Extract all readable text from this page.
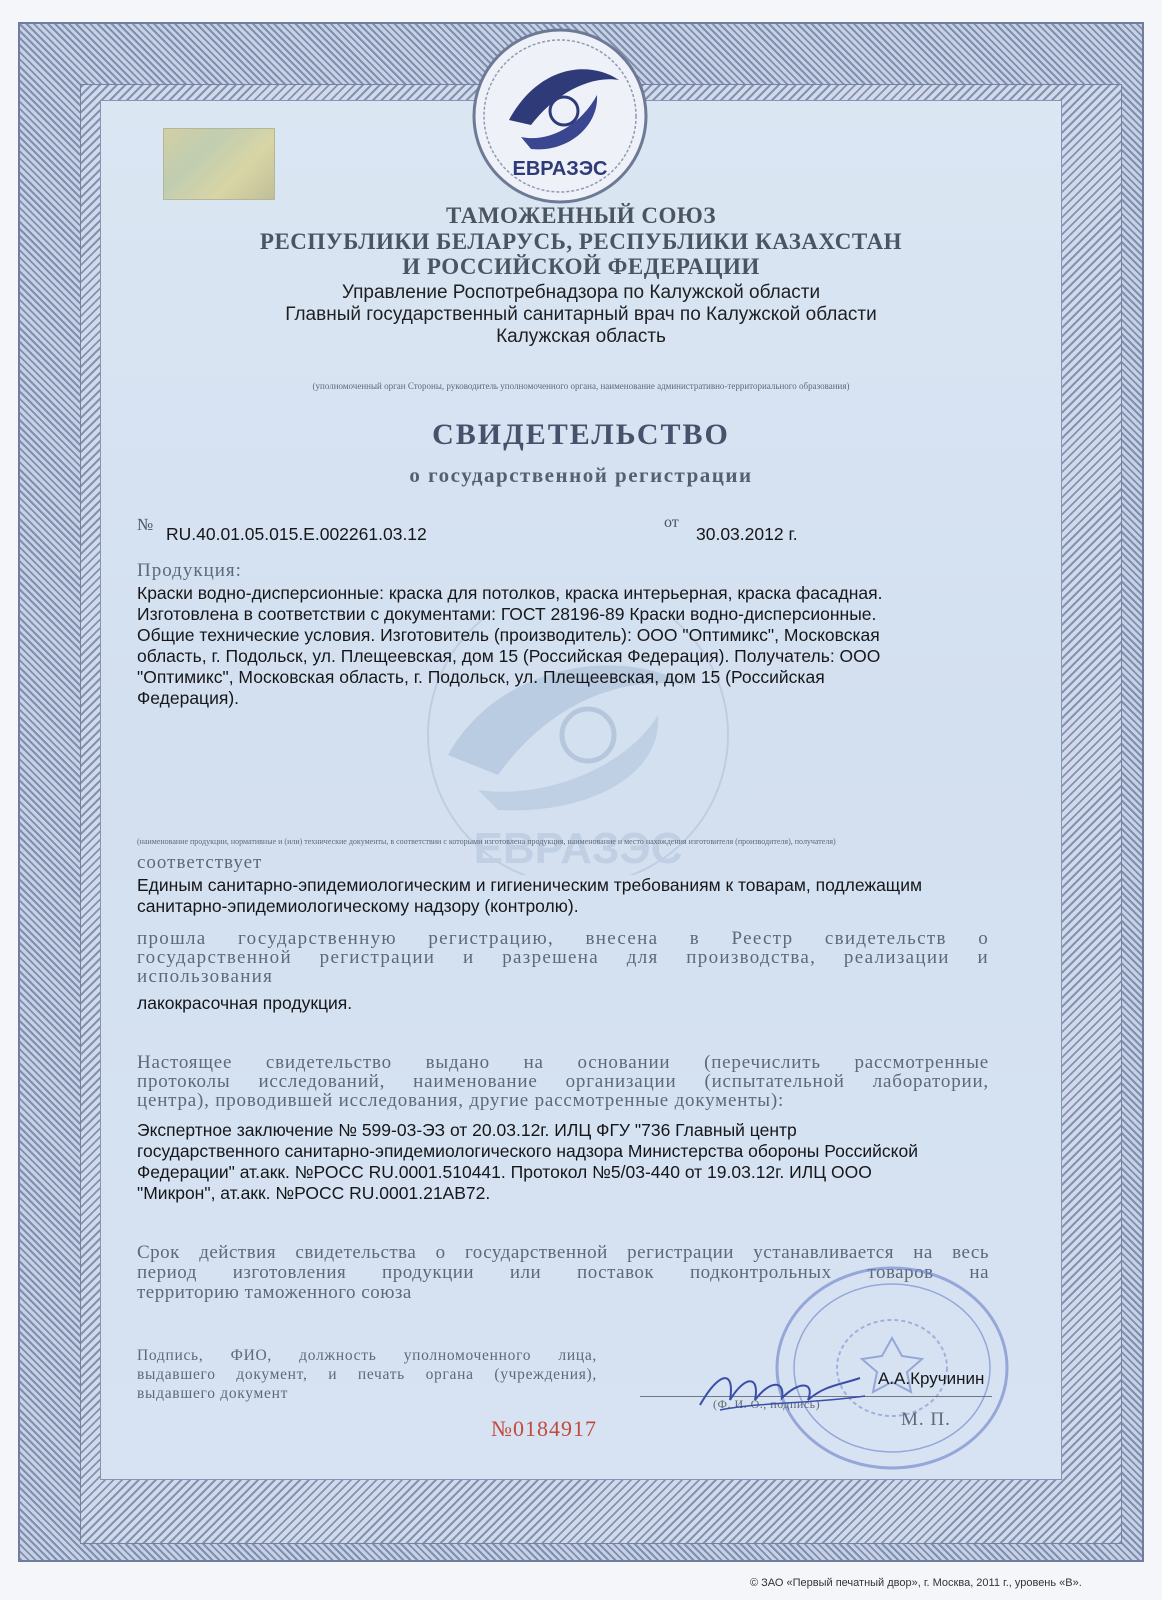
ЕВРАЗЭС
ЕВРАЗЭС

ТАМОЖЕННЫЙ СОЮЗ

РЕСПУБЛИКИ БЕЛАРУСЬ, РЕСПУБЛИКИ КАЗАХСТАН

И РОССИЙСКОЙ ФЕДЕРАЦИИ

Управление Роспотребнадзора по Калужской области

Главный государственный санитарный врач по Калужской области

Калужская область

(уполномоченный орган Стороны, руководитель уполномоченного органа, наименование административно-территориального образования)

СВИДЕТЕЛЬСТВО

о государственной регистрации

№ RU.40.01.05.015.Е.002261.03.12

от

30.03.2012 г.

Продукция:

Краски водно-дисперсионные: краска для потолков, краска интерьерная, краска фасадная.
Изготовлена в соответствии с документами: ГОСТ 28196-89 Краски водно-дисперсионные.
Общие технические условия. Изготовитель (производитель): ООО "Оптимикс", Московская
область, г. Подольск, ул. Плещеевская, дом 15 (Российская Федерация). Получатель: ООО
"Оптимикс", Московская область, г. Подольск, ул. Плещеевская, дом 15 (Российская
Федерация).

(наименование продукции, нормативные и (или) технические документы, в соответствии с которыми изготовлена продукция, наименование и место нахождения изготовителя (производителя), получателя)

соответствует

Единым санитарно-эпидемиологическим и гигиеническим требованиям к товарам, подлежащим
санитарно-эпидемиологическому надзору (контролю).
прошла государственную регистрацию, внесена в Реестр свидетельств о
государственной регистрации и разрешена для производства, реализации и
использования

лакокрасочная продукция.

Настоящее свидетельство выдано на основании (перечислить рассмотренные
протоколы исследований, наименование организации (испытательной лаборатории,
центра), проводившей исследования, другие рассмотренные документы):
Экспертное заключение № 599-03-ЭЗ от 20.03.12г. ИЛЦ ФГУ "736 Главный центр
государственного санитарно-эпидемиологического надзора Министерства обороны Российской
Федерации" ат.акк. №РОСС RU.0001.510441. Протокол №5/03-440 от 19.03.12г. ИЛЦ ООО
"Микрон", ат.акк. №РОСС RU.0001.21АВ72.
Срок действия свидетельства о государственной регистрации устанавливается на весь
период изготовления продукции или поставок подконтрольных товаров на
территорию таможенного союза
Подпись, ФИО, должность уполномоченного лица,
выдавшего документ, и печать органа (учреждения),
выдавшего документ

А.А.Кручинин

(Ф. И. О., подпись)

М. П.

№0184917

© ЗАО «Первый печатный двор», г. Москва, 2011 г., уровень «В».
